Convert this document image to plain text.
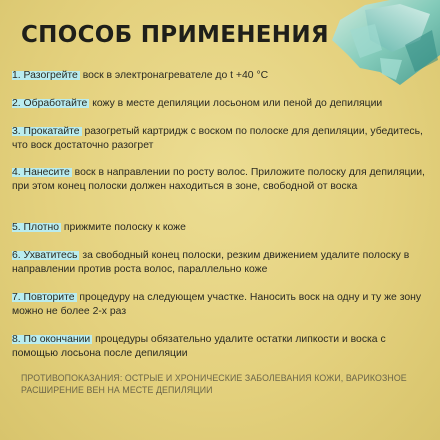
СПОСОБ ПРИМЕНЕНИЯ
1. Разогрейте воск в электронагревателе до t +40 °C
2. Обработайте кожу в месте депиляции лосьоном или пеной до депиляции
3. Прокатайте разогретый картридж с воском по полоске для депиляции, убедитесь, что воск достаточно разогрет
4. Нанесите воск в направлении по росту волос. Приложите полоску для депиляции, при этом конец полоски должен находиться в зоне, свободной от воска
5. Плотно прижмите полоску к коже
6. Ухватитесь за свободный конец полоски, резким движением удалите полоску в направлении против роста волос, параллельно коже
7. Повторите процедуру на следующем участке. Наносить воск на одну и ту же зону можно не более 2-х раз
8. По окончании процедуры обязательно удалите остатки липкости и воска с помощью лосьона после депиляции
ПРОТИВОПОКАЗАНИЯ: ОСТРЫЕ И ХРОНИЧЕСКИЕ ЗАБОЛЕВАНИЯ КОЖИ, ВАРИКОЗНОЕ РАСШИРЕНИЕ ВЕН НА МЕСТЕ ДЕПИЛЯЦИИ
